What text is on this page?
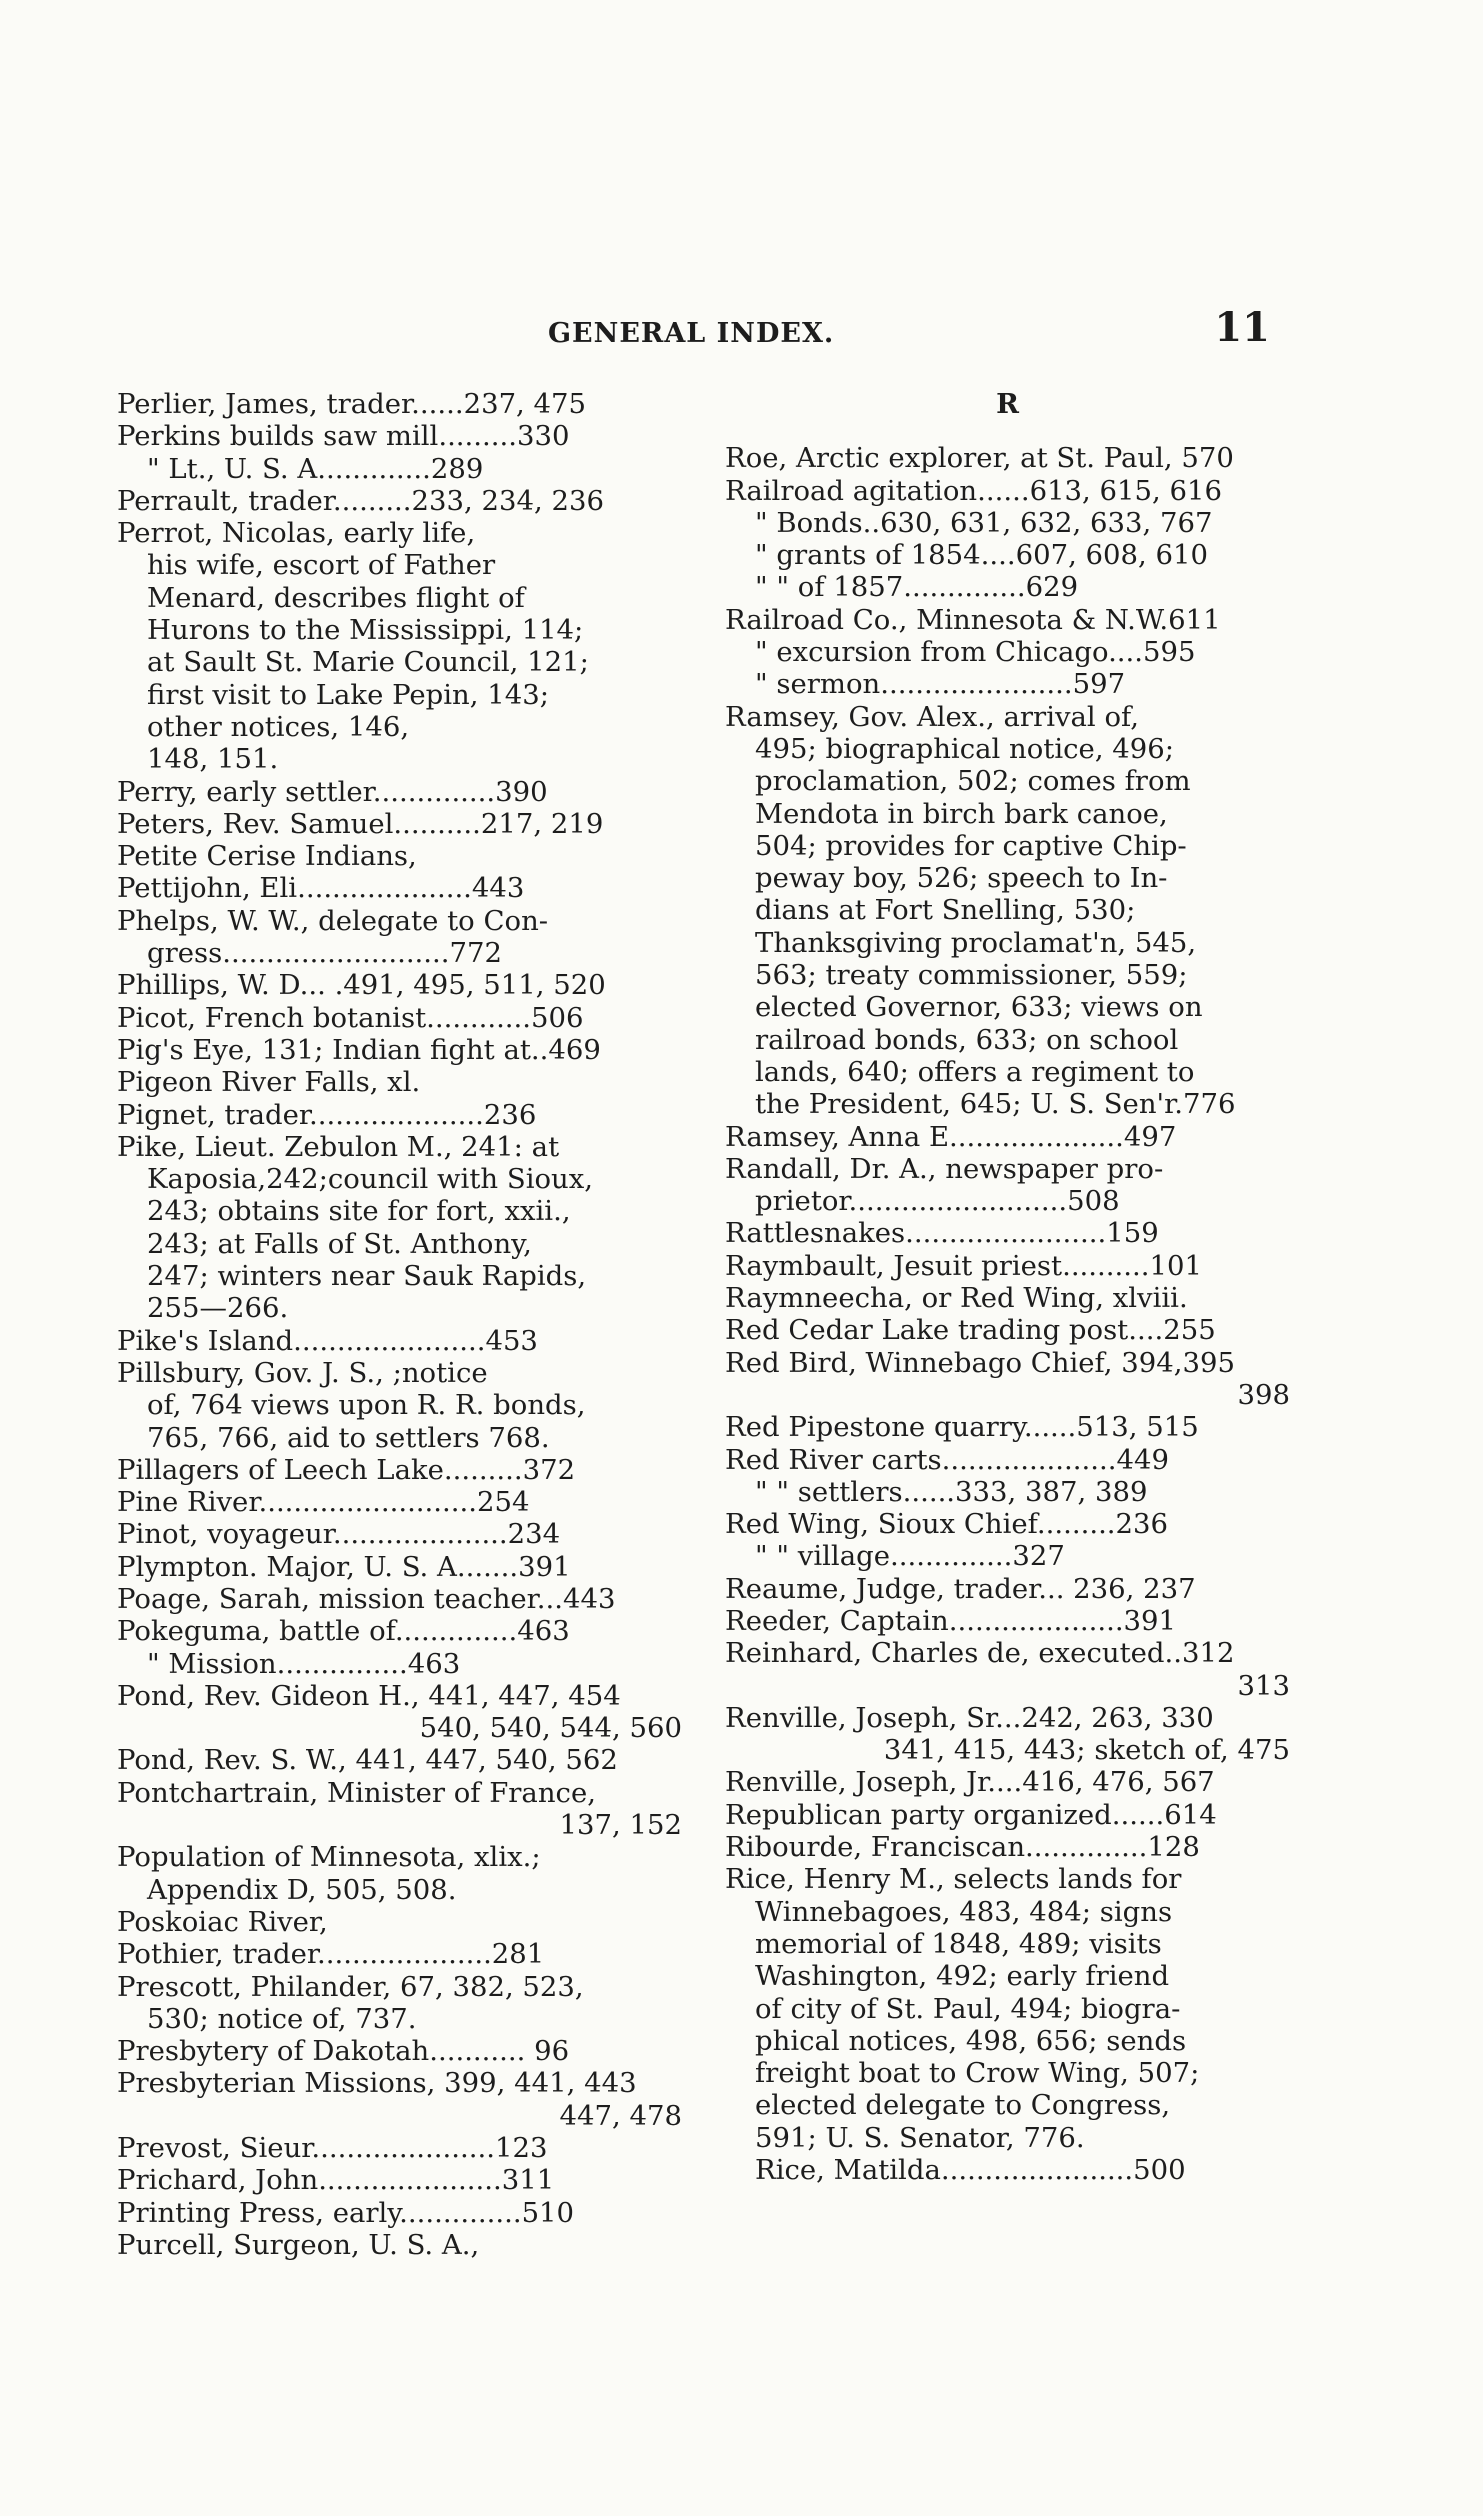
GENERAL INDEX.	11
Perlier, James, trader......237, 475
Perkins builds saw mill.........330
" Lt., U. S. A.............289
Perrault, trader.........233, 234, 236
Perrot, Nicolas, early life,
his wife, escort of Father
Menard, describes flight of
Hurons to the Mississippi, 114;
at Sault St. Marie Council, 121;
first visit to Lake Pepin, 143;
other notices, 146,
148, 151.
Perry, early settler..............390
Peters, Rev. Samuel..........217, 219
Petite Cerise Indians,
Pettijohn, Eli....................443
Phelps, W. W., delegate to Con-
gress..........................772
Phillips, W. D... .491, 495, 511, 520
Picot, French botanist............506
Pig's Eye, 131; Indian fight at..469
Pigeon River Falls, xl.
Pignet, trader....................236
Pike, Lieut. Zebulon M., 241: at
Kaposia,242;council with Sioux,
243; obtains site for fort, xxii.,
243; at Falls of St. Anthony,
247; winters near Sauk Rapids,
255—266.
Pike's Island......................453
Pillsbury, Gov. J. S., ;notice
of, 764 views upon R. R. bonds,
765, 766, aid to settlers 768.
Pillagers of Leech Lake.........372
Pine River.........................254
Pinot, voyageur....................234
Plympton. Major, U. S. A.......391
Poage, Sarah, mission teacher...443
Pokeguma, battle of..............463
" Mission...............463
Pond, Rev. Gideon H., 441, 447, 454
540, 540, 544, 560
Pond, Rev. S. W., 441, 447, 540, 562
Pontchartrain, Minister of France,
137, 152
Population of Minnesota, xlix.;
Appendix D, 505, 508.
Poskoiac River,
Pothier, trader....................281
Prescott, Philander, 67, 382, 523,
530; notice of, 737.
Presbytery of Dakotah........... 96
Presbyterian Missions, 399, 441, 443
447, 478
Prevost, Sieur.....................123
Prichard, John.....................311
Printing Press, early..............510
Purcell, Surgeon, U. S. A.,
R
Roe, Arctic explorer, at St. Paul, 570
Railroad agitation......613, 615, 616
" Bonds..630, 631, 632, 633, 767
" grants of 1854....607, 608, 610
" " of 1857..............629
Railroad Co., Minnesota & N.W.611
" excursion from Chicago....595
" sermon......................597
Ramsey, Gov. Alex., arrival of,
495; biographical notice, 496;
proclamation, 502; comes from
Mendota in birch bark canoe,
504; provides for captive Chip-
peway boy, 526; speech to In-
dians at Fort Snelling, 530;
Thanksgiving proclamat'n, 545,
563; treaty commissioner, 559;
elected Governor, 633; views on
railroad bonds, 633; on school
lands, 640; offers a regiment to
the President, 645; U. S. Sen'r.776
Ramsey, Anna E....................497
Randall, Dr. A., newspaper pro-
prietor.........................508
Rattlesnakes.......................159
Raymbault, Jesuit priest..........101
Raymneecha, or Red Wing, xlviii.
Red Cedar Lake trading post....255
Red Bird, Winnebago Chief, 394,395
398
Red Pipestone quarry......513, 515
Red River carts....................449
" " settlers......333, 387, 389
Red Wing, Sioux Chief.........236
" " village..............327
Reaume, Judge, trader... 236, 237
Reeder, Captain....................391
Reinhard, Charles de, executed..312
313
Renville, Joseph, Sr...242, 263, 330
341, 415, 443; sketch of, 475
Renville, Joseph, Jr....416, 476, 567
Republican party organized......614
Ribourde, Franciscan..............128
Rice, Henry M., selects lands for
Winnebagoes, 483, 484; signs
memorial of 1848, 489; visits
Washington, 492; early friend
of city of St. Paul, 494; biogra-
phical notices, 498, 656; sends
freight boat to Crow Wing, 507;
elected delegate to Congress,
591; U. S. Senator, 776.
Rice, Matilda......................500
